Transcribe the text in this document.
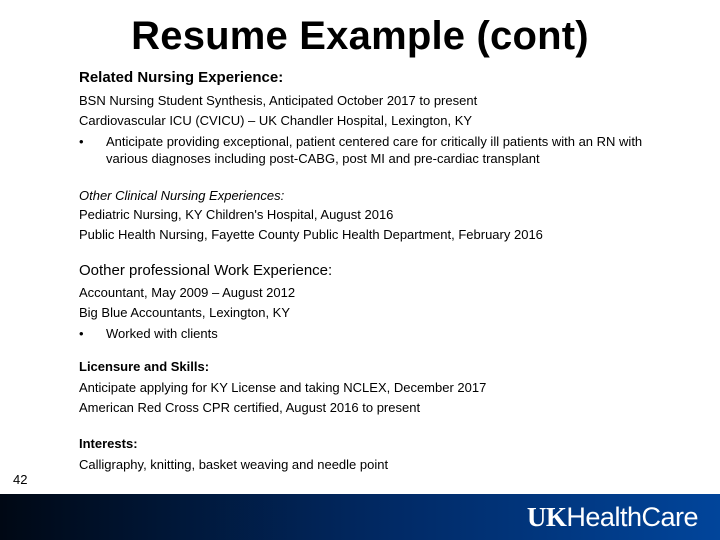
Resume Example (cont)
Related Nursing Experience:
BSN Nursing Student Synthesis, Anticipated October 2017 to present
Cardiovascular ICU (CVICU) – UK Chandler Hospital, Lexington, KY
•	Anticipate providing exceptional, patient centered care for critically ill patients with an RN with various diagnoses including post-CABG, post MI and pre-cardiac transplant
Other Clinical Nursing Experiences:
Pediatric Nursing, KY Children's Hospital, August 2016
Public Health Nursing, Fayette County Public Health Department, February 2016
Oother professional Work Experience:
Accountant, May 2009 – August 2012
Big Blue Accountants, Lexington, KY
•	Worked with clients
Licensure and Skills:
Anticipate applying for KY License and taking NCLEX, December 2017
American Red Cross CPR certified, August 2016 to present
Interests:
Calligraphy, knitting, basket weaving and needle point
42
UKHealthCare
